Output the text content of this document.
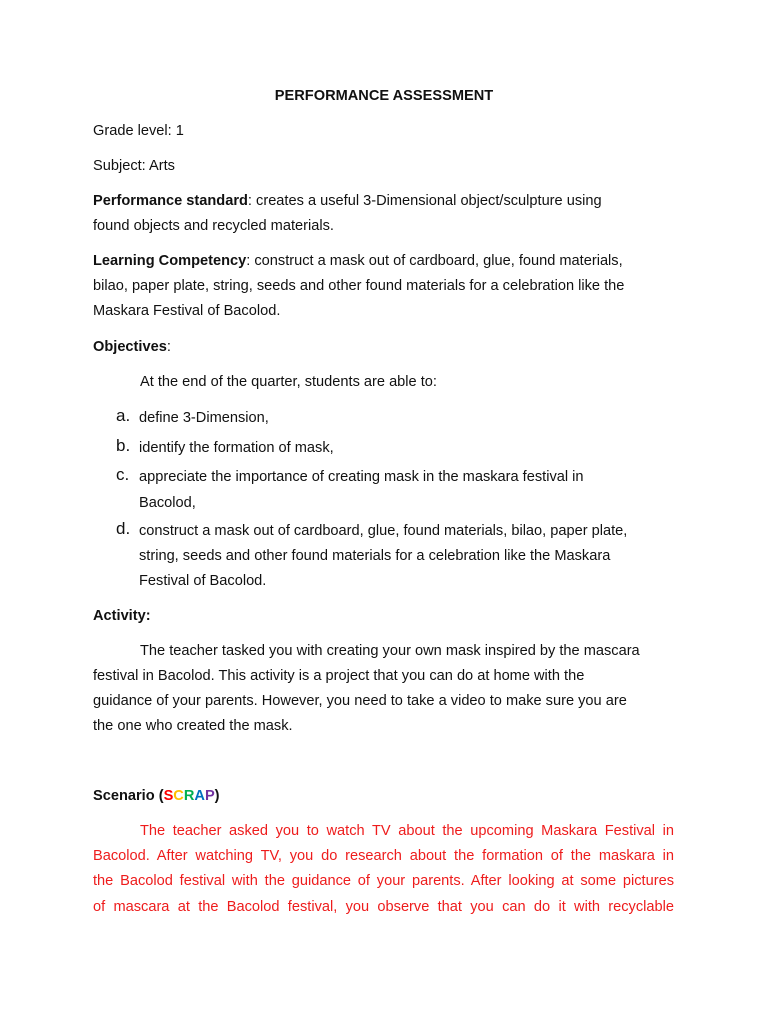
PERFORMANCE ASSESSMENT
Grade level: 1
Subject: Arts
Performance standard: creates a useful 3-Dimensional object/sculpture using
found objects and recycled materials.
Learning Competency: construct a mask out of cardboard, glue, found materials,
bilao, paper plate, string, seeds and other found materials for a celebration like the
Maskara Festival of Bacolod.
Objectives:
At the end of the quarter, students are able to:
a. define 3-Dimension,
b. identify the formation of mask,
c. appreciate the importance of creating mask in the maskara festival in
Bacolod,
d. construct a mask out of cardboard, glue, found materials, bilao, paper plate,
string, seeds and other found materials for a celebration like the Maskara
Festival of Bacolod.
Activity:
The teacher tasked you with creating your own mask inspired by the mascara
festival in Bacolod. This activity is a project that you can do at home with the
guidance of your parents. However, you need to take a video to make sure you are
the one who created the mask.
Scenario (SCRAP)
The teacher asked you to watch TV about the upcoming Maskara Festival in
Bacolod. After watching TV, you do research about the formation of the maskara in
the Bacolod festival with the guidance of your parents. After looking at some pictures
of mascara at the Bacolod festival, you observe that you can do it with recyclable
